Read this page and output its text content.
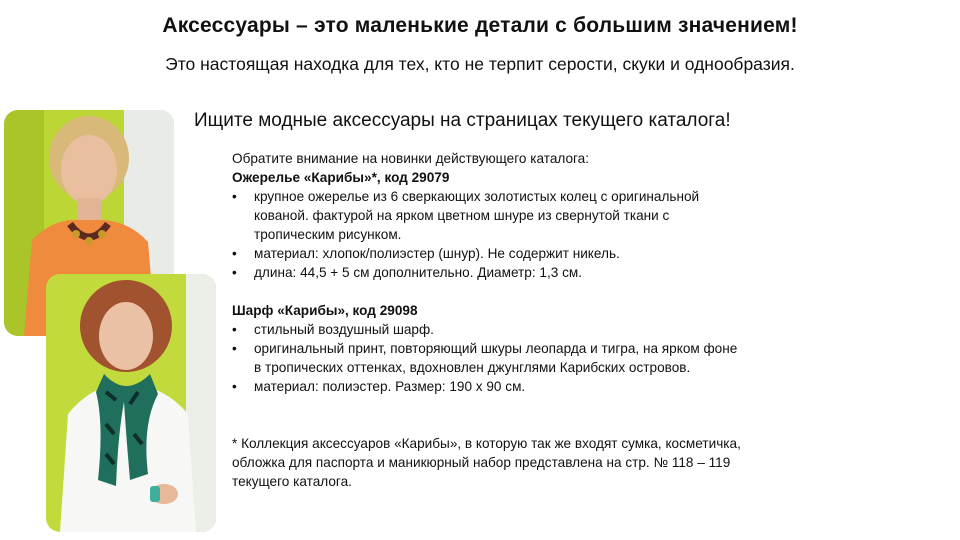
Аксессуары – это маленькие детали с большим значением!
Это настоящая находка для тех, кто не терпит серости, скуки и однообразия.
Ищите модные аксессуары на страницах текущего каталога!
Обратите внимание на новинки действующего каталога:
Ожерелье «Карибы»*, код 29079
• крупное ожерелье из 6 сверкающих золотистых колец с оригинальной
кованой. фактурой на ярком цветном шнуре из свернутой ткани с
тропическим рисунком.
• материал: хлопок/полиэстер (шнур). Не содержит никель.
• длина: 44,5 + 5 см дополнительно. Диаметр: 1,3 см.
Шарф «Карибы», код 29098
• стильный воздушный шарф.
• оригинальный принт, повторяющий шкуры леопарда и тигра, на ярком фоне
в тропических оттенках, вдохновлен джунглями Карибских островов.
• материал: полиэстер. Размер: 190 х 90 см.
* Коллекция аксессуаров «Карибы», в которую так же входят сумка, косметичка,
обложка для паспорта и маникюрный набор представлена на стр. № 118 – 119
текущего каталога.
